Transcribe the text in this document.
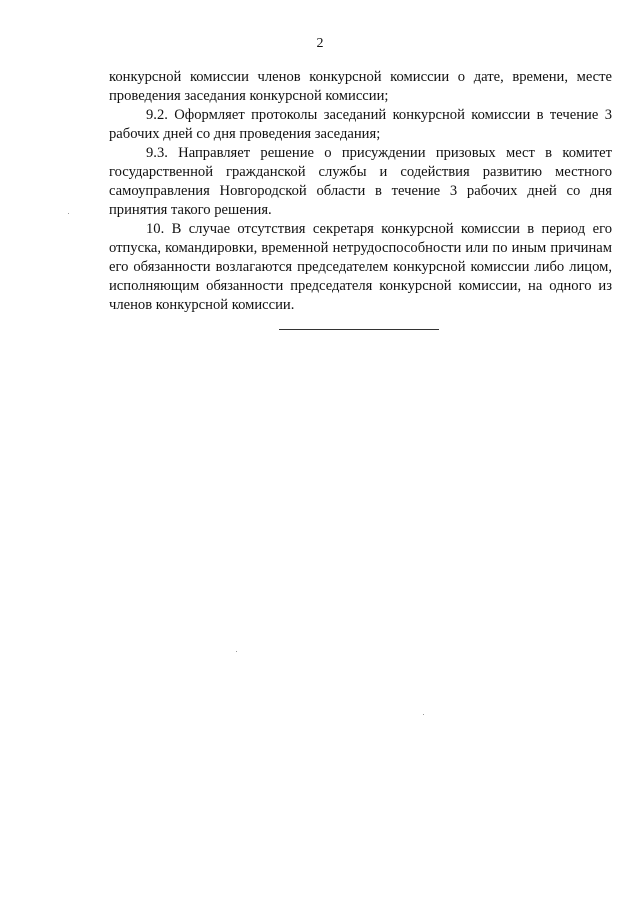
2

конкурсной комиссии членов конкурсной комиссии о дате, времени, месте проведения заседания конкурсной комиссии;

9.2. Оформляет протоколы заседаний конкурсной комиссии в течение 3 рабочих дней со дня проведения заседания;

9.3. Направляет решение о присуждении призовых мест в комитет государственной гражданской службы и содействия развитию местного самоуправления Новгородской области в течение 3 рабочих дней со дня принятия такого решения.

10. В случае отсутствия секретаря конкурсной комиссии в период его отпуска, командировки, временной нетрудоспособности или по иным причинам его обязанности возлагаются председателем конкурсной комиссии либо лицом, исполняющим обязанности председателя конкурсной комиссии, на одного из членов конкурсной комиссии.
